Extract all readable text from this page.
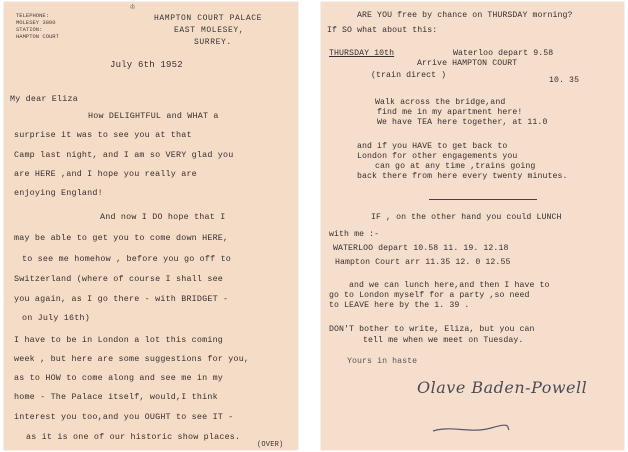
TELEPHONE:
MOLESEY 3800
STATION:
HAMPTON COURT
♔
HAMPTON COURT PALACE
EAST MOLESEY,
SURREY.
July 6th 1952
My dear Eliza
How DELIGHTFUL and WHAT a
surprise it was to see you at that
Camp last night, and I am so VERY glad you
are HERE ,and I hope you really are
enjoying England!
And now I DO hope that I
may be able to get you to come down HERE,
to see me homehow , before you go off to
Switzerland (where of course I shall see
you again, as I go there - with BRIDGET -
on July 16th)
I have to be in London a lot this coming
week , but here are some suggestions for you,
as to HOW to come along and see me in my
home - The Palace itself, would,I think
interest you too,and you OUGHT to see IT -
as it is one of our historic show places.
(OVER)
ARE YOU free by chance on THURSDAY morning?
If SO what about this:
THURSDAY 10th	Waterloo depart 9.58
Arrive HAMPTON COURT
(train direct )
10. 35
Walk across the bridge,and
find me in my apartment here!
We have TEA here together, at 11.0
and if you HAVE to get back to
London for other engagements you
can go at any time ,trains going
back there from here every twenty minutes.
IF , on the other hand you could LUNCH
with me :-
WATERLOO depart 10.58 11. 19. 12.18
Hampton Court arr 11.35 12. 0 12.55
and we can lunch here,and then I have to
go to London myself for a party ,so need
to LEAVE here by the 1. 39 .
DON'T bother to write, Eliza, but you can
tell me when we meet on Tuesday.
Yours in haste
Olave Baden-Powell
